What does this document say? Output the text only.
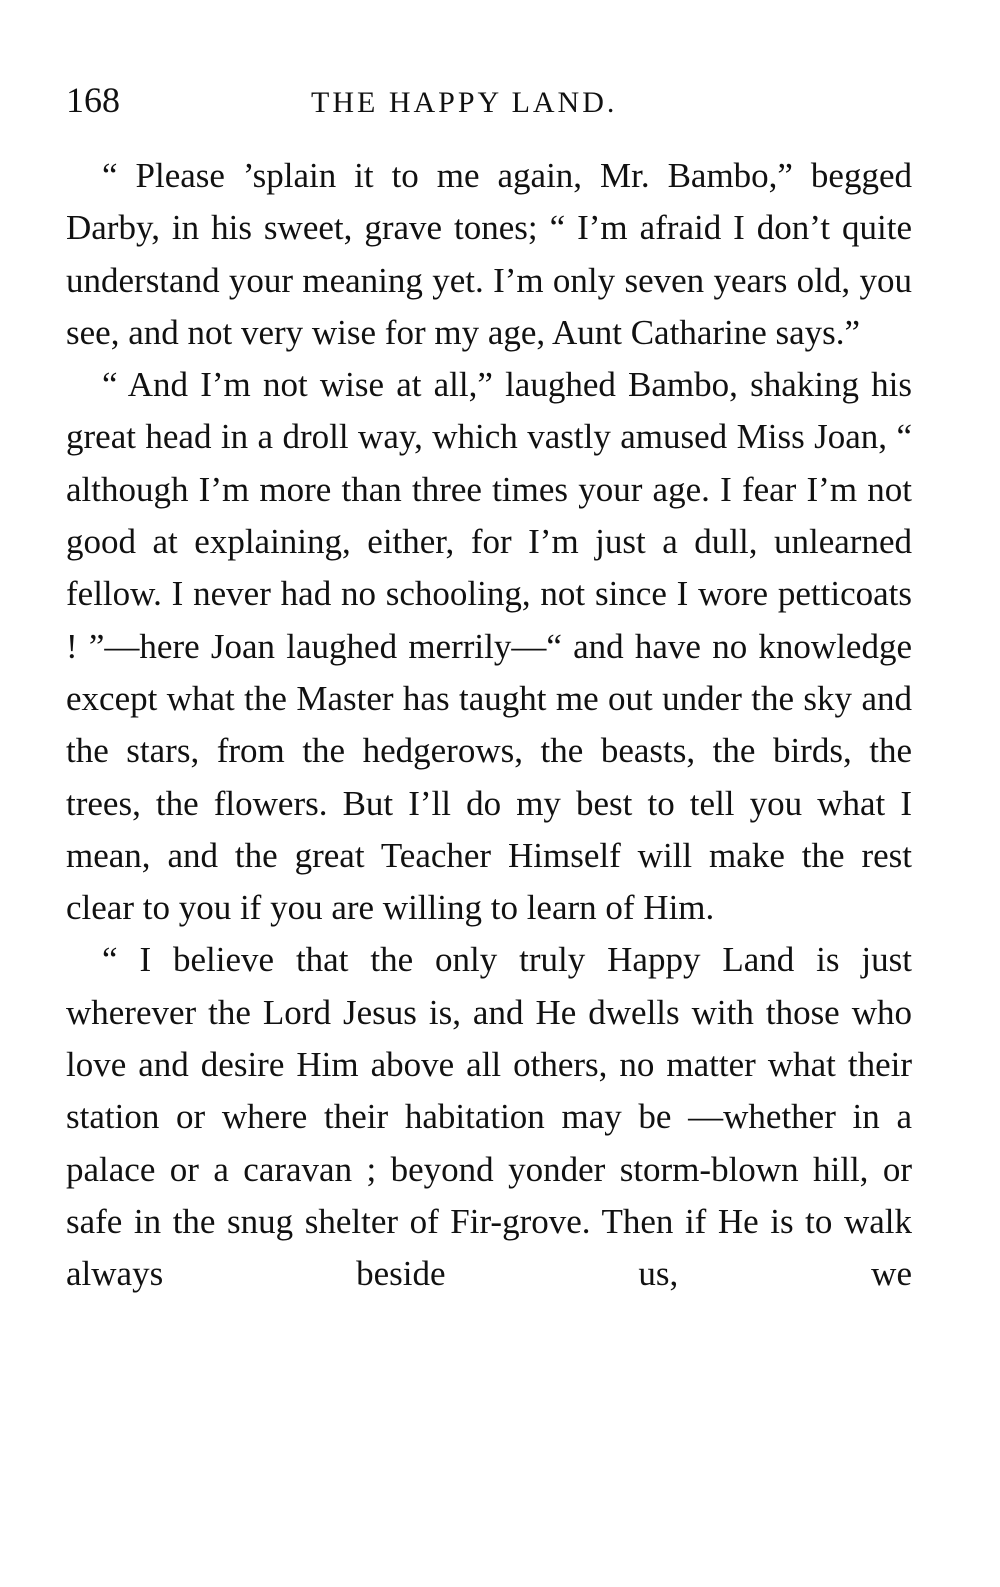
168	THE HAPPY LAND.

“ Please ’splain it to me again, Mr. Bambo,” begged Darby, in his sweet, grave tones; “ I’m afraid I don’t quite understand your meaning yet. I’m only seven years old, you see, and not very wise for my age, Aunt Catharine says.”

“ And I’m not wise at all,” laughed Bambo, shaking his great head in a droll way, which vastly amused Miss Joan, “ although I’m more than three times your age. I fear I’m not good at explaining, either, for I’m just a dull, unlearned fellow. I never had no schooling, not since I wore petticoats ! ”—here Joan laughed merrily—“ and have no knowledge except what the Master has taught me out under the sky and the stars, from the hedgerows, the beasts, the birds, the trees, the flowers. But I’ll do my best to tell you what I mean, and the great Teacher Himself will make the rest clear to you if you are willing to learn of Him.

“ I believe that the only truly Happy Land is just wherever the Lord Jesus is, and He dwells with those who love and desire Him above all others, no matter what their station or where their habitation may be —whether in a palace or a caravan ; beyond yonder storm-blown hill, or safe in the snug shelter of Fir-grove. Then if He is to walk always beside us, we
